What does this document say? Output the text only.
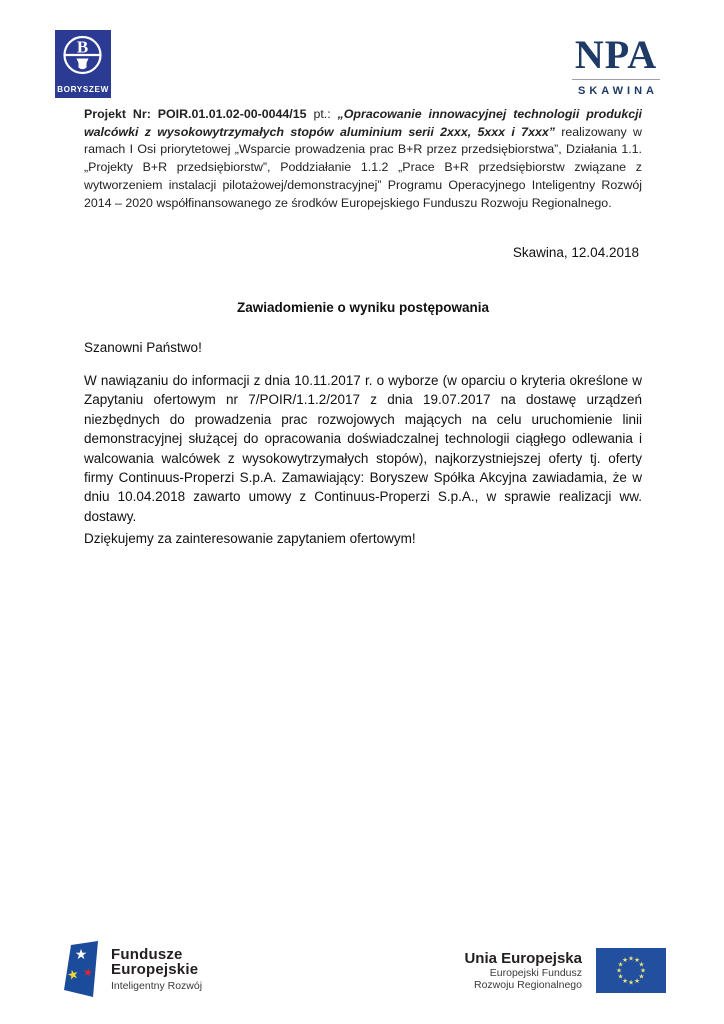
B
BORYSZEW
NPA
SKAWINA

Projekt Nr: POIR.01.01.02-00-0044/15 pt.: „Opracowanie innowacyjnej technologii produkcji walcówki z wysokowytrzymałych stopów aluminium serii 2xxx, 5xxx i 7xxx” realizowany w ramach I Osi priorytetowej „Wsparcie prowadzenia prac B+R przez przedsiębiorstwa”, Działania 1.1. „Projekty B+R przedsiębiorstw”, Poddziałanie 1.1.2 „Prace B+R przedsiębiorstw związane z wytworzeniem instalacji pilotażowej/demonstracyjnej” Programu Operacyjnego Inteligentny Rozwój 2014 – 2020 współfinansowanego ze środków Europejskiego Funduszu Rozwoju Regionalnego.

Skawina, 12.04.2018
Zawiadomienie o wyniku postępowania
Szanowni Państwo!

W nawiązaniu do informacji z dnia 10.11.2017 r. o wyborze (w oparciu o kryteria określone w Zapytaniu ofertowym nr 7/POIR/1.1.2/2017 z dnia 19.07.2017 na dostawę urządzeń niezbędnych do prowadzenia prac rozwojowych mających na celu uruchomienie linii demonstracyjnej służącej do opracowania doświadczalnej technologii ciągłego odlewania i walcowania walcówek z wysokowytrzymałych stopów), najkorzystniejszej oferty tj. oferty firmy Continuus-Properzi S.p.A. Zamawiający: Boryszew Spółka Akcyjna zawiadamia, że w dniu 10.04.2018 zawarto umowy z Continuus-Properzi S.p.A., w sprawie realizacji ww. dostawy.

Dziękujemy za zainteresowanie zapytaniem ofertowym!
★
★ ★
Fundusze
Europejskie
Inteligentny Rozwój
Unia Europejska
Europejski Fundusz
Rozwoju Regionalnego
★ ★
★
★
★
★
★
★
★
★
★
★
